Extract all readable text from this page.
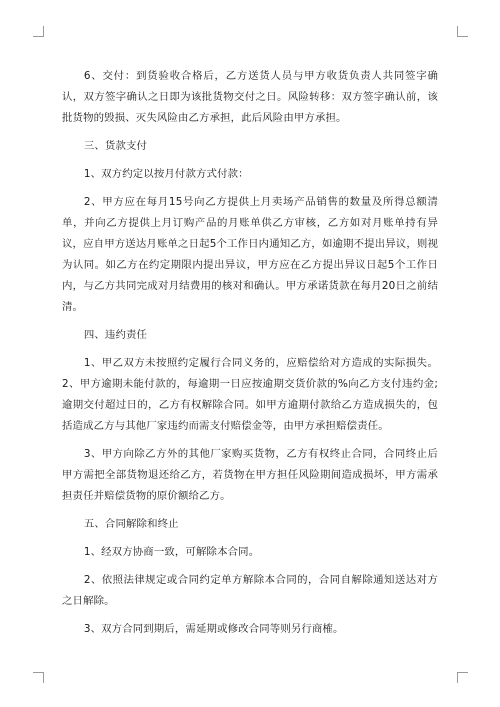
6、交付：到货验收合格后，乙方送货人员与甲方收货负责人共同签字确认，双方签字确认之日即为该批货物交付之日。风险转移：双方签字确认前，该批货物的毁损、灭失风险由乙方承担，此后风险由甲方承担。

三、货款支付

1、双方约定以按月付款方式付款：

2、甲方应在每月15号向乙方提供上月卖场产品销售的数量及所得总额清单，并向乙方提供上月订购产品的月账单供乙方审核，乙方如对月账单持有异议，应自甲方送达月账单之日起5个工作日内通知乙方，如逾期不提出异议，则视为认同。如乙方在约定期限内提出异议，甲方应在乙方提出异议日起5个工作日内，与乙方共同完成对月结费用的核对和确认。甲方承诺货款在每月20日之前结清。

四、违约责任

1、甲乙双方未按照约定履行合同义务的，应赔偿给对方造成的实际损失。2、甲方逾期未能付款的，每逾期一日应按逾期交货价款的%向乙方支付违约金;逾期交付超过日的，乙方有权解除合同。如甲方逾期付款给乙方造成损失的，包括造成乙方与其他厂家违约而需支付赔偿金等，由甲方承担赔偿责任。

3、甲方向除乙方外的其他厂家购买货物，乙方有权终止合同，合同终止后甲方需把全部货物退还给乙方，若货物在甲方担任风险期间造成损坏，甲方需承担责任并赔偿货物的原价额给乙方。

五、合同解除和终止

1、经双方协商一致，可解除本合同。

2、依照法律规定或合同约定单方解除本合同的，合同自解除通知送达对方之日解除。

3、双方合同到期后，需延期或修改合同等则另行商榷。
